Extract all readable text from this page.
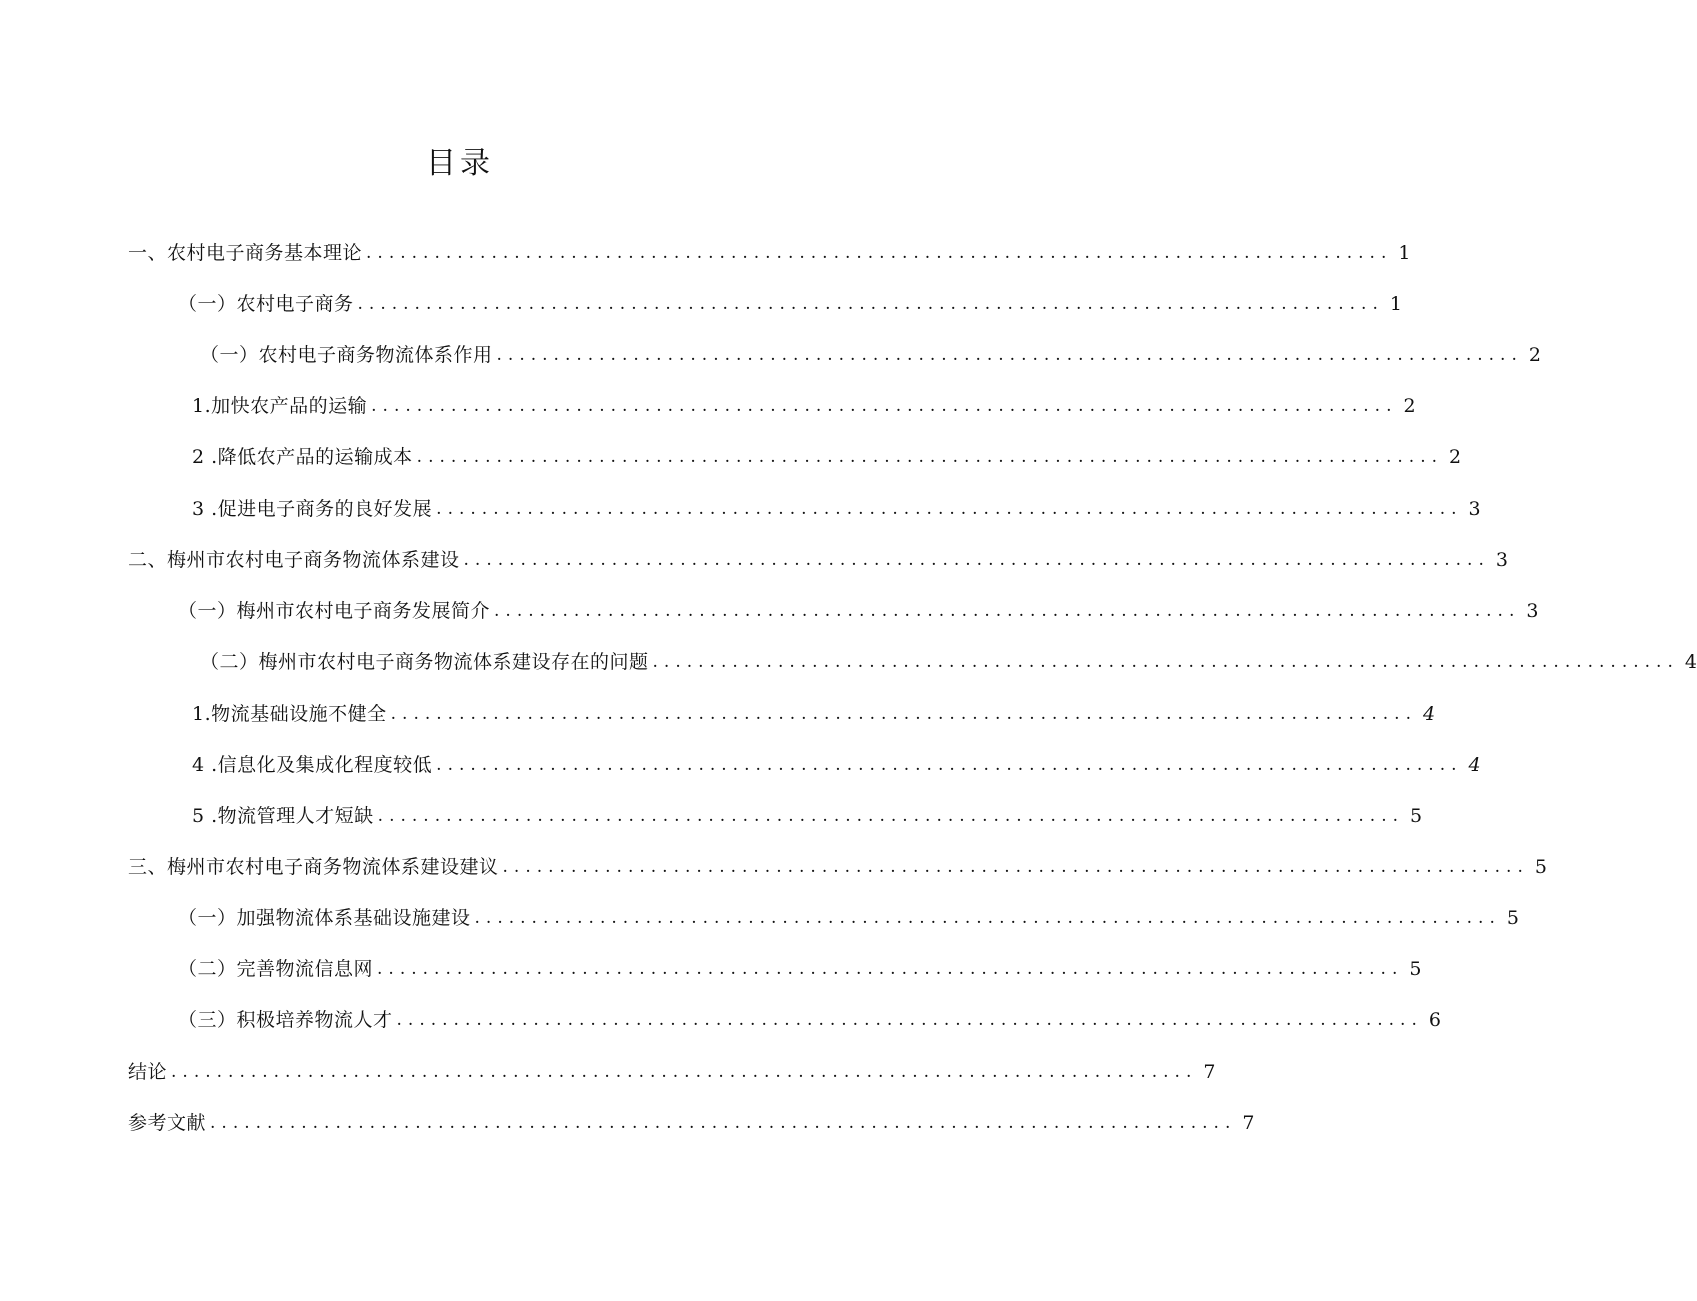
目录
一、农村电子商务基本理论 .......................................................................................... 1
（一）农村电子商务 .......................................................................................... 1
（一）农村电子商务物流体系作用 .......................................................................................... 2
1.加快农产品的运输 .......................................................................................... 2
2 .降低农产品的运输成本 .......................................................................................... 2
3 .促进电子商务的良好发展 .......................................................................................... 3
二、梅州市农村电子商务物流体系建设 .......................................................................................... 3
（一）梅州市农村电子商务发展简介 .......................................................................................... 3
（二）梅州市农村电子商务物流体系建设存在的问题 .......................................................................................... 4
1.物流基础设施不健全 .......................................................................................... 4
4 .信息化及集成化程度较低 .......................................................................................... 4
5 .物流管理人才短缺 .......................................................................................... 5
三、梅州市农村电子商务物流体系建设建议 .......................................................................................... 5
（一）加强物流体系基础设施建设 .......................................................................................... 5
（二）完善物流信息网 .......................................................................................... 5
（三）积极培养物流人才 .......................................................................................... 6
结论 .......................................................................................... 7
参考文献 .......................................................................................... 7
